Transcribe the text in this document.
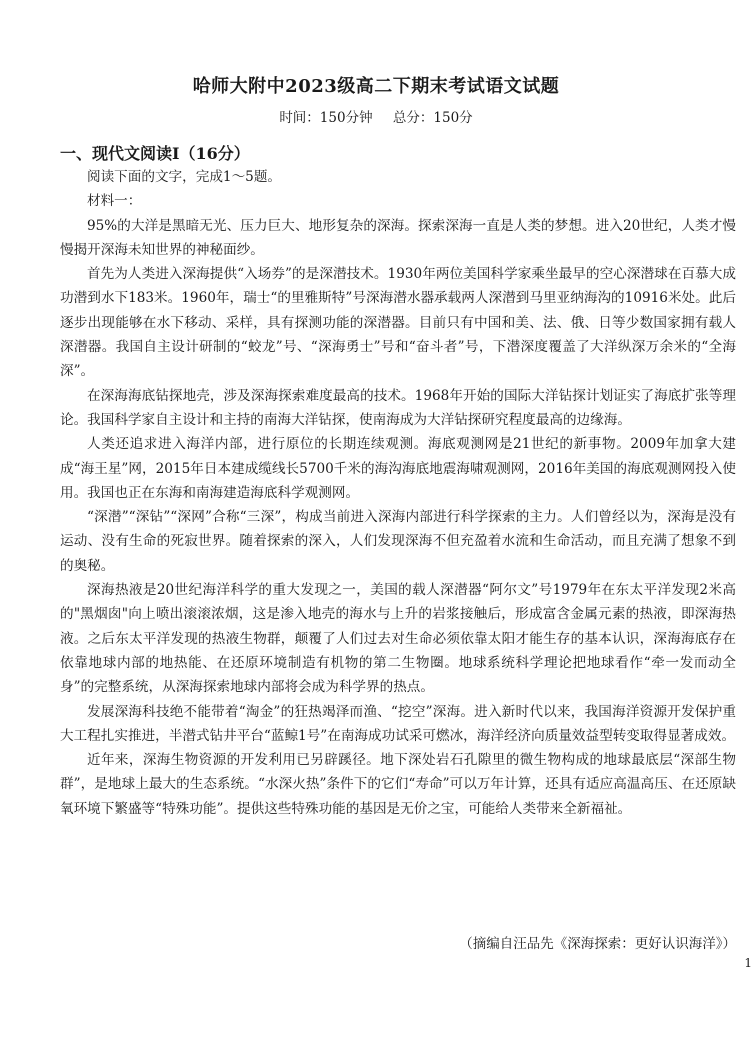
哈师大附中2023级高二下期末考试语文试题
时间：150分钟 总分：150分
一、现代文阅读Ⅰ（16分）

阅读下面的文字，完成1～5题。

材料一：

95%的大洋是黑暗无光、压力巨大、地形复杂的深海。探索深海一直是人类的梦想。进入20世纪，人类才慢慢揭开深海未知世界的神秘面纱。

首先为人类进入深海提供“入场券”的是深潜技术。1930年两位美国科学家乘坐最早的空心深潜球在百慕大成功潜到水下183米。1960年，瑞士“的里雅斯特”号深海潜水器承载两人深潜到马里亚纳海沟的10916米处。此后逐步出现能够在水下移动、采样，具有探测功能的深潜器。目前只有中国和美、法、俄、日等少数国家拥有载人深潜器。我国自主设计研制的“蛟龙”号、“深海勇士”号和“奋斗者”号，下潜深度覆盖了大洋纵深万余米的“全海深”。

在深海海底钻探地壳，涉及深海探索难度最高的技术。1968年开始的国际大洋钻探计划证实了海底扩张等理论。我国科学家自主设计和主持的南海大洋钻探，使南海成为大洋钻探研究程度最高的边缘海。

人类还追求进入海洋内部，进行原位的长期连续观测。海底观测网是21世纪的新事物。2009年加拿大建成“海王星”网，2015年日本建成缆线长5700千米的海沟海底地震海啸观测网，2016年美国的海底观测网投入使用。我国也正在东海和南海建造海底科学观测网。

“深潜”“深钻”“深网”合称“三深”，构成当前进入深海内部进行科学探索的主力。人们曾经以为，深海是没有运动、没有生命的死寂世界。随着探索的深入，人们发现深海不但充盈着水流和生命活动，而且充满了想象不到的奥秘。

深海热液是20世纪海洋科学的重大发现之一，美国的载人深潜器“阿尔文”号1979年在东太平洋发现2米高的"黑烟囱"向上喷出滚滚浓烟，这是渗入地壳的海水与上升的岩浆接触后，形成富含金属元素的热液，即深海热液。之后东太平洋发现的热液生物群，颠覆了人们过去对生命必须依靠太阳才能生存的基本认识，深海海底存在依靠地球内部的地热能、在还原环境制造有机物的第二生物圈。地球系统科学理论把地球看作“牵一发而动全身”的完整系统，从深海探索地球内部将会成为科学界的热点。

发展深海科技绝不能带着“淘金”的狂热竭泽而渔、“挖空”深海。进入新时代以来，我国海洋资源开发保护重大工程扎实推进，半潜式钻井平台“蓝鲸1号”在南海成功试采可燃冰，海洋经济向质量效益型转变取得显著成效。

近年来，深海生物资源的开发利用已另辟蹊径。地下深处岩石孔隙里的微生物构成的地球最底层“深部生物群”，是地球上最大的生态系统。“水深火热”条件下的它们“寿命”可以万年计算，还具有适应高温高压、在还原缺氧环境下繁盛等“特殊功能”。提供这些特殊功能的基因是无价之宝，可能给人类带来全新福祉。

（摘编自汪品先《深海探索：更好认识海洋》）
1
